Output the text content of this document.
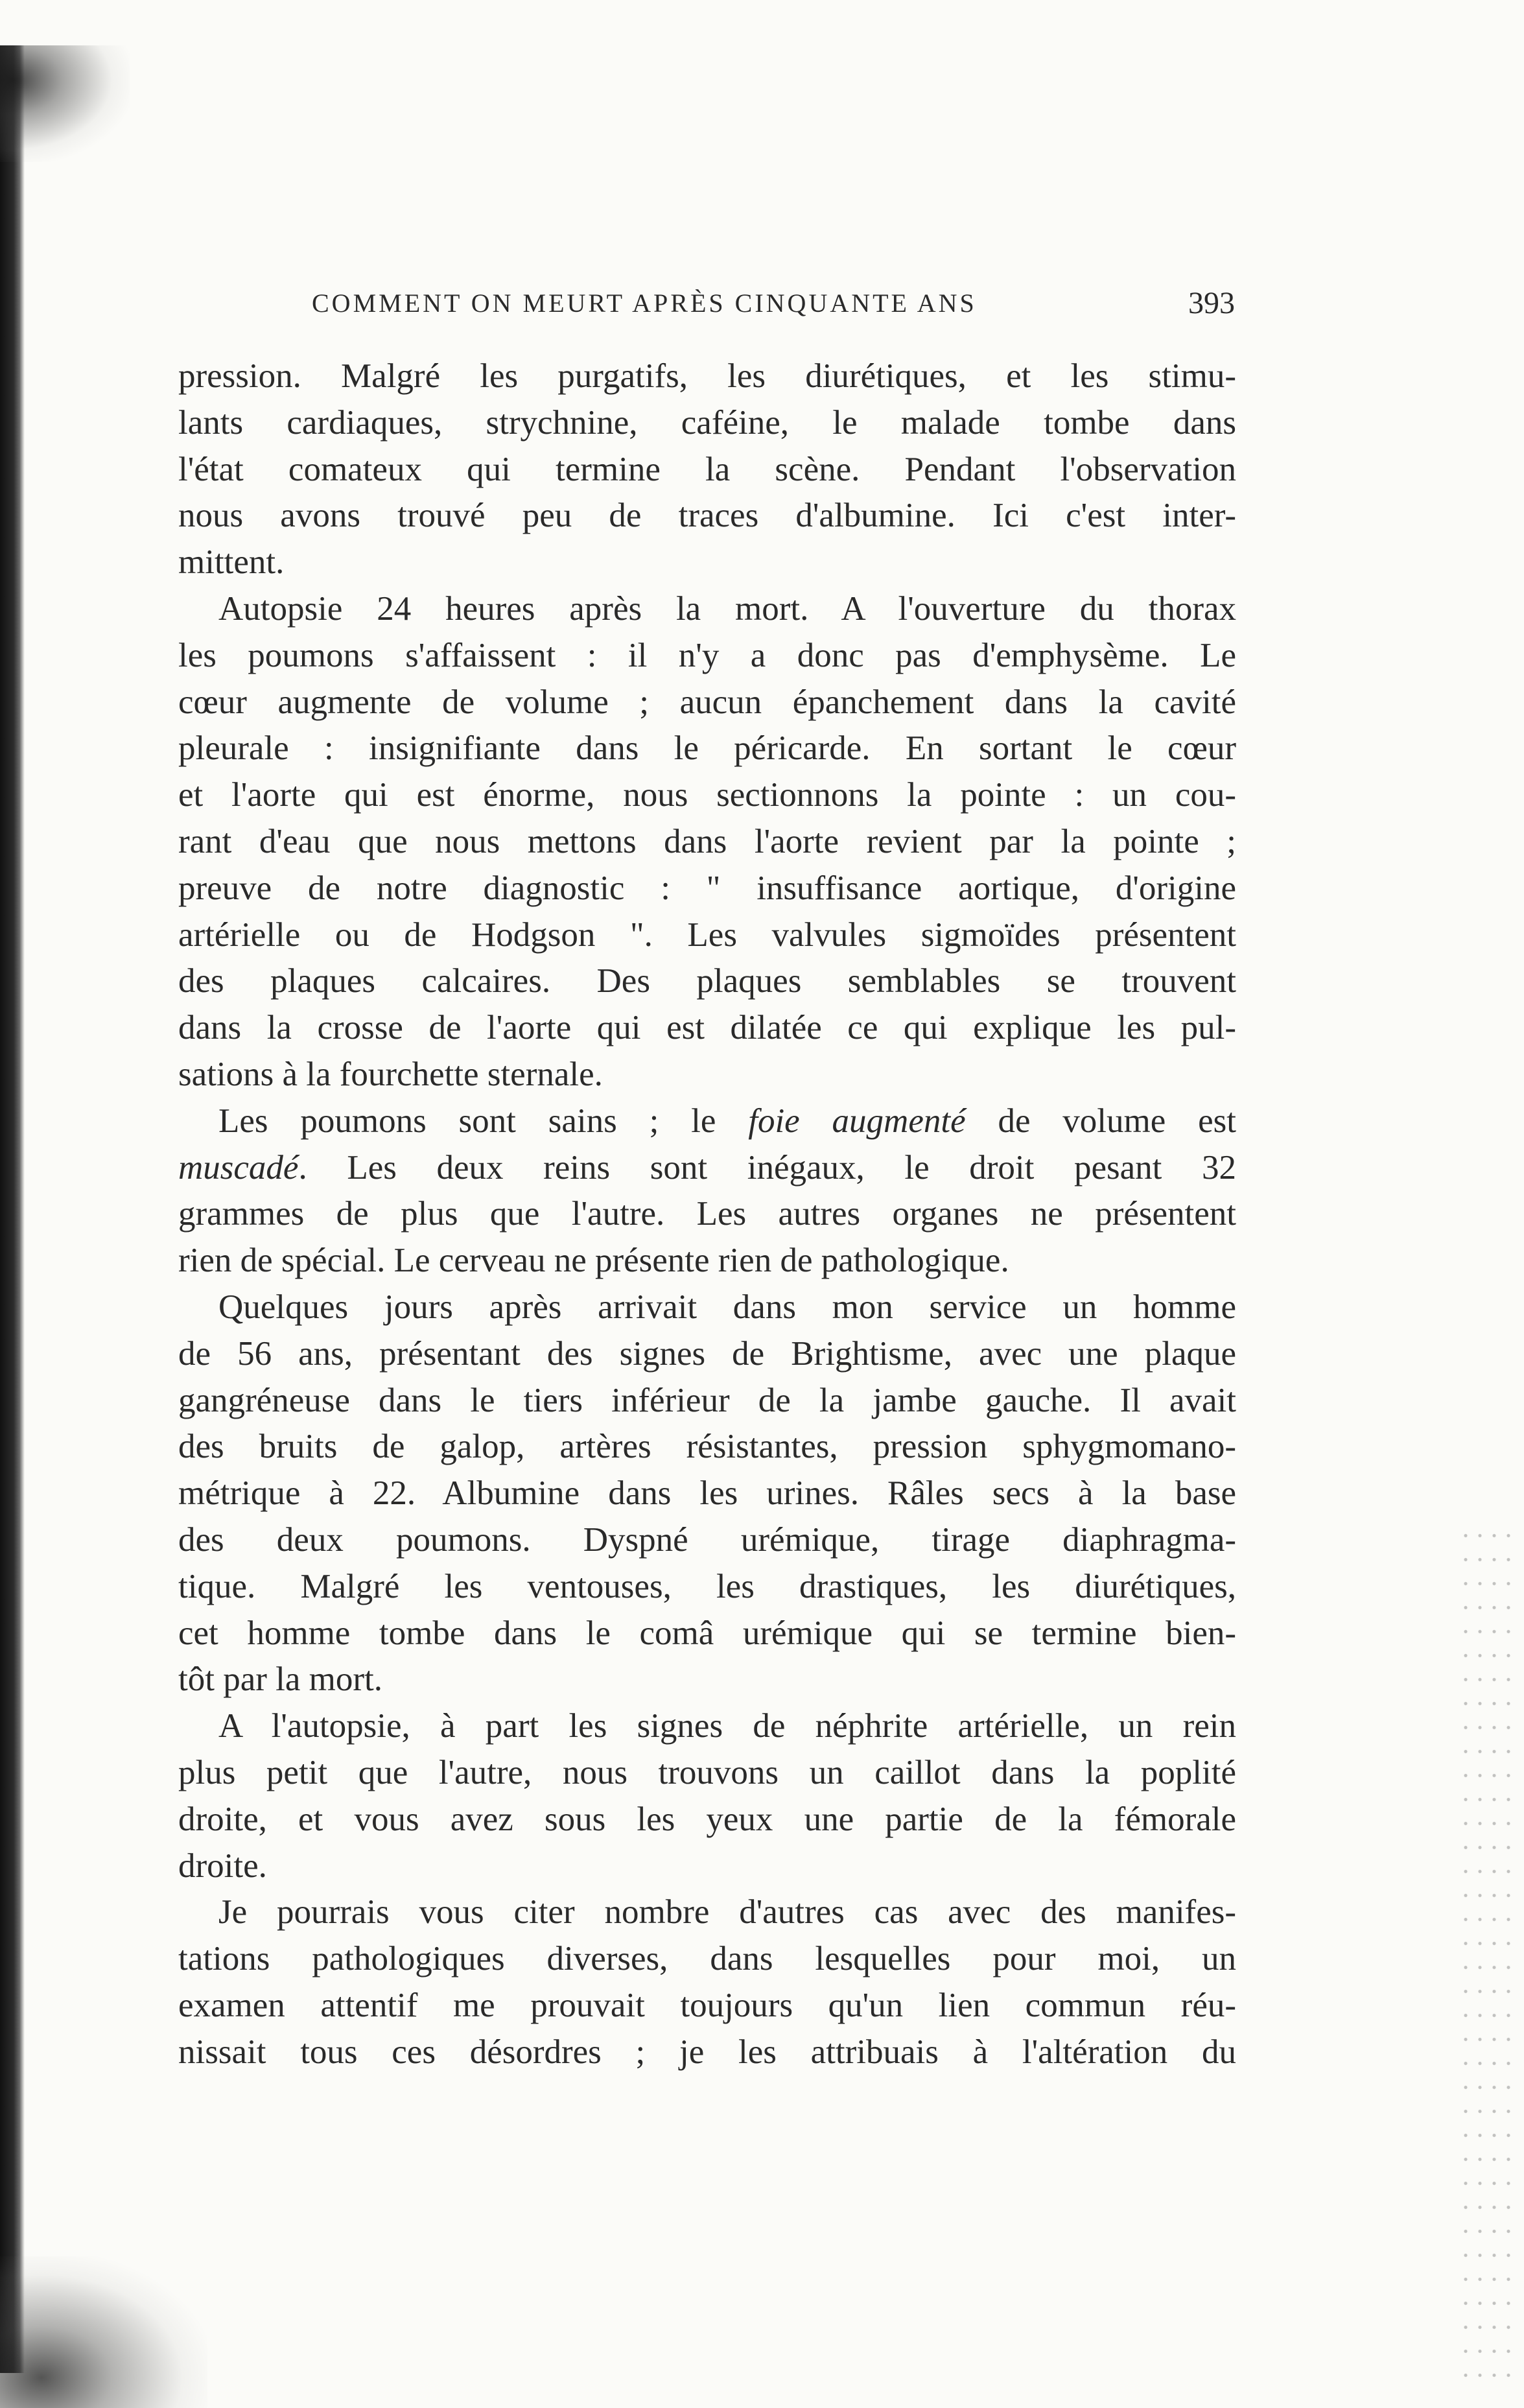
COMMENT ON MEURT APRÈS CINQUANTE ANS	393
pression. Malgré les purgatifs, les diurétiques, et les stimu-
lants cardiaques, strychnine, caféine, le malade tombe dans
l'état comateux qui termine la scène. Pendant l'observation
nous avons trouvé peu de traces d'albumine. Ici c'est inter-
mittent.
Autopsie 24 heures après la mort. A l'ouverture du thorax
les poumons s'affaissent : il n'y a donc pas d'emphysème. Le
cœur augmente de volume ; aucun épanchement dans la cavité
pleurale : insignifiante dans le péricarde. En sortant le cœur
et l'aorte qui est énorme, nous sectionnons la pointe : un cou-
rant d'eau que nous mettons dans l'aorte revient par la pointe ;
preuve de notre diagnostic : " insuffisance aortique, d'origine
artérielle ou de Hodgson ". Les valvules sigmoïdes présentent
des plaques calcaires. Des plaques semblables se trouvent
dans la crosse de l'aorte qui est dilatée ce qui explique les pul-
sations à la fourchette sternale.
Les poumons sont sains ; le foie augmenté de volume est
muscadé. Les deux reins sont inégaux, le droit pesant 32
grammes de plus que l'autre. Les autres organes ne présentent
rien de spécial. Le cerveau ne présente rien de pathologique.
Quelques jours après arrivait dans mon service un homme
de 56 ans, présentant des signes de Brightisme, avec une plaque
gangréneuse dans le tiers inférieur de la jambe gauche. Il avait
des bruits de galop, artères résistantes, pression sphygmomano-
métrique à 22. Albumine dans les urines. Râles secs à la base
des deux poumons. Dyspné urémique, tirage diaphragma-
tique. Malgré les ventouses, les drastiques, les diurétiques,
cet homme tombe dans le comâ urémique qui se termine bien-
tôt par la mort.
A l'autopsie, à part les signes de néphrite artérielle, un rein
plus petit que l'autre, nous trouvons un caillot dans la poplité
droite, et vous avez sous les yeux une partie de la fémorale
droite.
Je pourrais vous citer nombre d'autres cas avec des manifes-
tations pathologiques diverses, dans lesquelles pour moi, un
examen attentif me prouvait toujours qu'un lien commun réu-
nissait tous ces désordres ; je les attribuais à l'altération du
